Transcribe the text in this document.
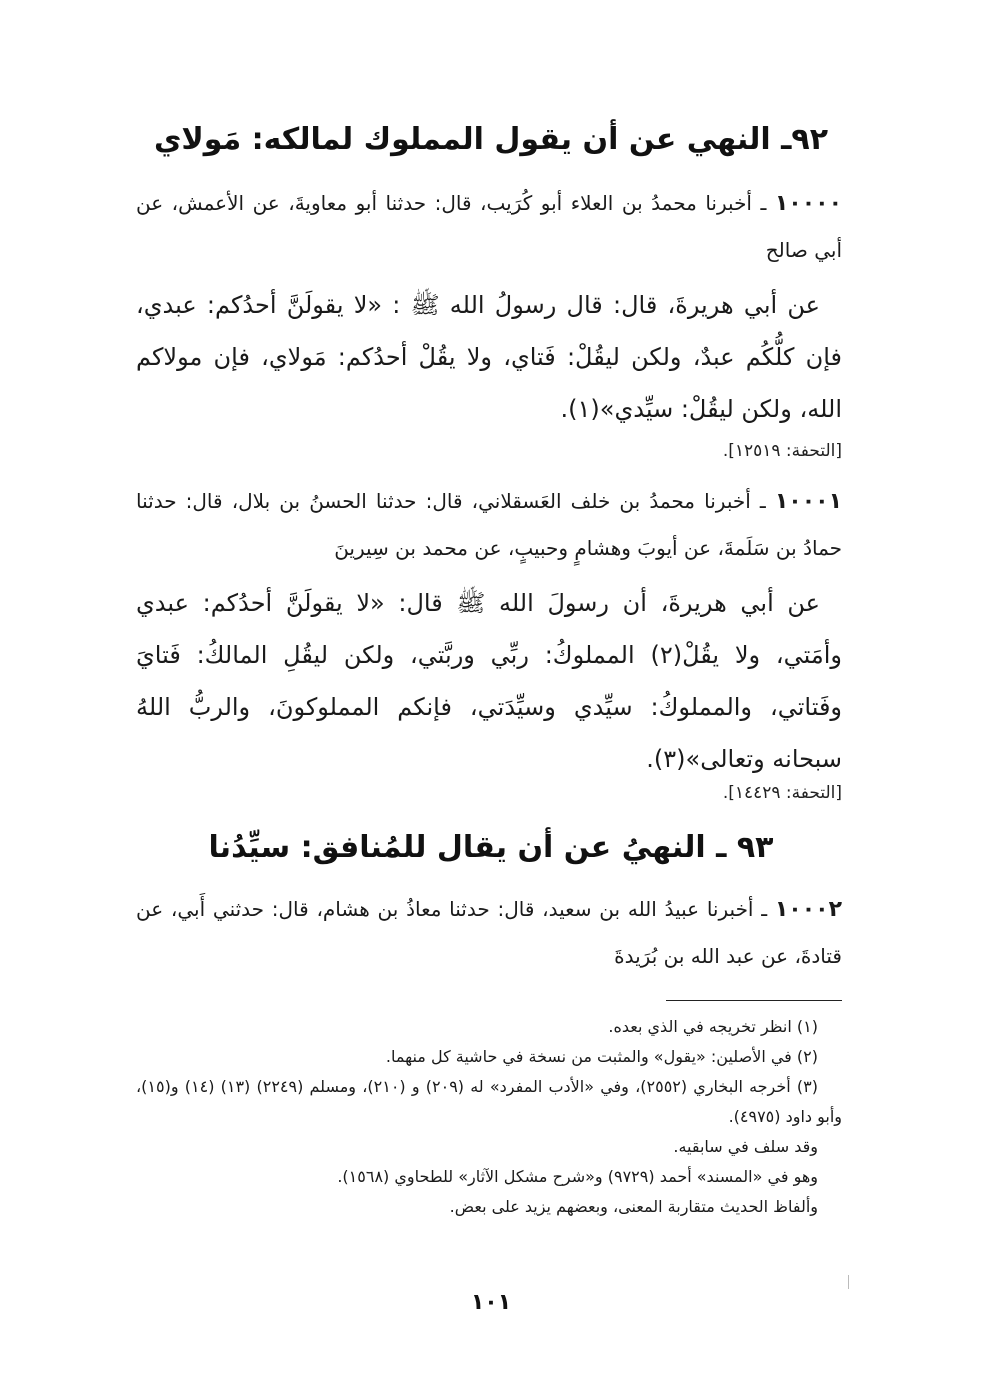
٩٢ـ النهي عن أن يقول المملوك لمالكه: مَولاي
١٠٠٠٠ ـ أخبرنا محمدُ بن العلاء أبو كُرَيب، قال: حدثنا أبو معاويةَ، عن الأعمش، عن أبي صالح
عن أبي هريرةَ، قال: قال رسولُ الله ﷺ : «لا يقولَنَّ أحدُكم: عبدي، فإن كلُّكُم عبدٌ، ولكن ليقُلْ: فَتاي، ولا يقُلْ أحدُكم: مَولاي، فإن مولاكم الله، ولكن ليقُلْ: سيِّدي»(١).
[التحفة: ١٢٥١٩].
١٠٠٠١ ـ أخبرنا محمدُ بن خلف العَسقلاني، قال: حدثنا الحسنُ بن بلال، قال: حدثنا حمادُ بن سَلَمةَ، عن أيوبَ وهشامٍ وحبيبٍ، عن محمد بن سِيرينَ
عن أبي هريرةَ، أن رسولَ الله ﷺ قال: «لا يقولَنَّ أحدُكم: عبدي وأمَتي، ولا يقُلْ(٢) المملوكُ: ربِّي وربَّتي، ولكن ليقُلِ المالكُ: فَتايَ وفَتاتي، والمملوكُ: سيِّدي وسيِّدَتي، فإنكم المملوكونَ، والربُّ اللهُ سبحانه وتعالى»(٣).
[التحفة: ١٤٤٢٩].
٩٣ ـ النهيُ عن أن يقال للمُنافق: سيِّدُنا
١٠٠٠٢ ـ أخبرنا عبيدُ الله بن سعيد، قال: حدثنا معاذُ بن هشام، قال: حدثني أَبي، عن قتادةَ، عن عبد الله بن بُرَيدةَ
(١) انظر تخريجه في الذي بعده.
(٢) في الأصلين: «يقول» والمثبت من نسخة في حاشية كل منهما.
(٣) أخرجه البخاري (٢٥٥٢)، وفي «الأدب المفرد» له (٢٠٩) و (٢١٠)، ومسلم (٢٢٤٩) (١٣) (١٤) و(١٥)، وأبو داود (٤٩٧٥).
وقد سلف في سابقيه.
وهو في «المسند» أحمد (٩٧٢٩) و«شرح مشكل الآثار» للطحاوي (١٥٦٨).
وألفاظ الحديث متقاربة المعنى، وبعضهم يزيد على بعض.
١٠١
